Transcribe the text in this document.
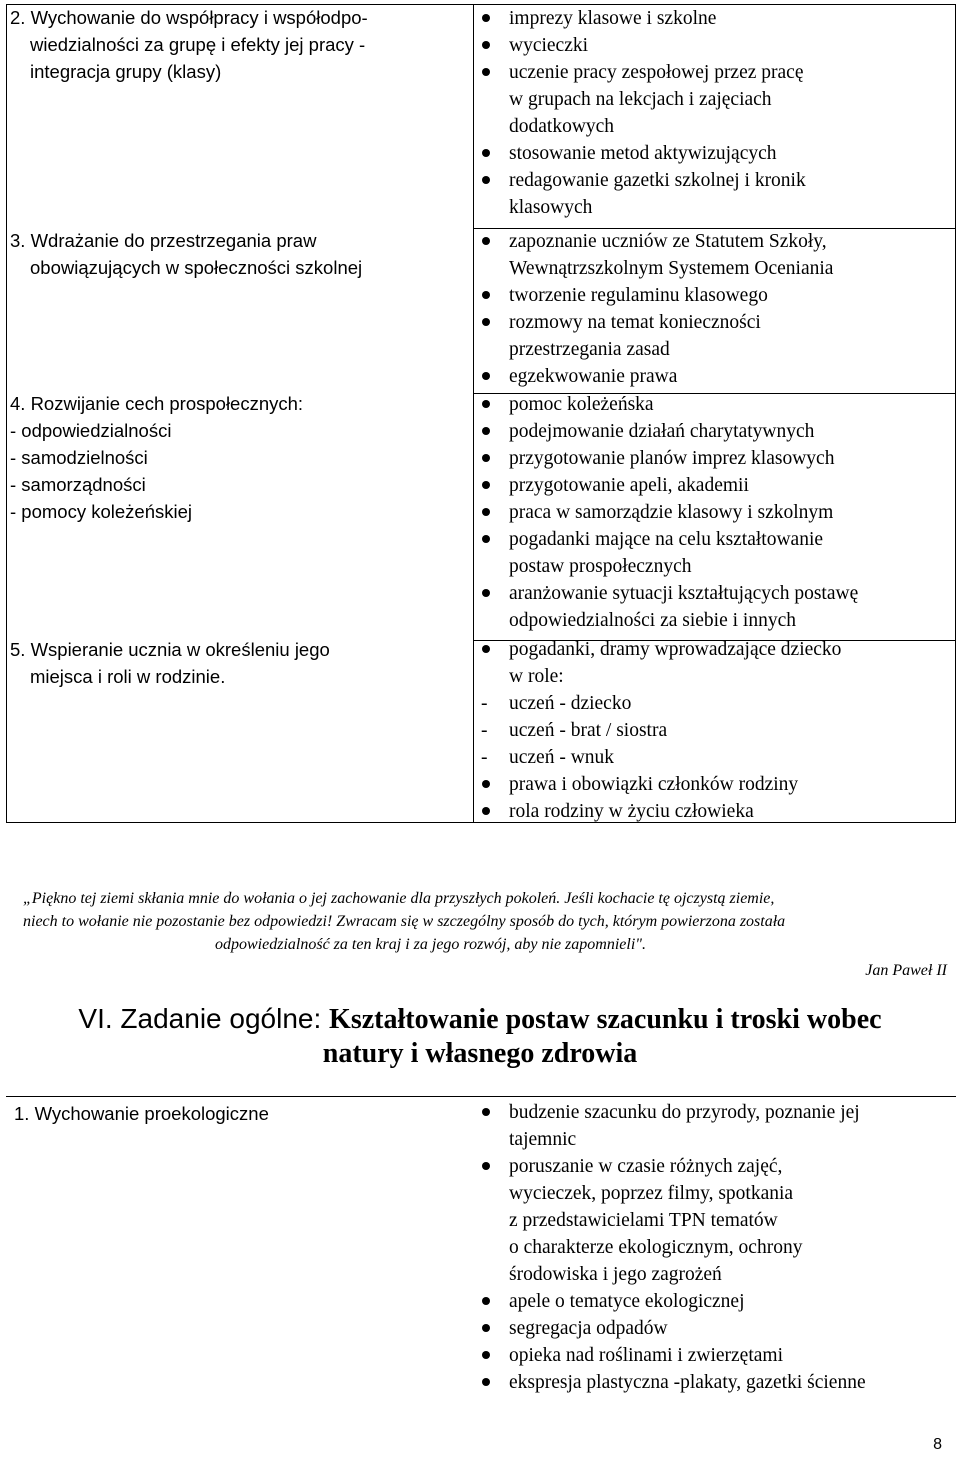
2. Wychowanie do współpracy i współodpo-
wiedzialności za grupę i efekty jej pracy -
integracja grupy (klasy)
3. Wdrażanie do przestrzegania praw
obowiązujących w społeczności szkolnej
4. Rozwijanie cech prospołecznych:
- odpowiedzialności
- samodzielności
- samorządności
- pomocy koleżeńskiej
5. Wspieranie ucznia w określeniu jego
miejsca i roli w rodzinie.
imprezy klasowe i szkolne
wycieczki
uczenie pracy zespołowej przez pracę
w grupach na lekcjach i zajęciach
dodatkowych
stosowanie metod aktywizujących
redagowanie gazetki szkolnej i kronik
klasowych
zapoznanie uczniów ze Statutem Szkoły,
Wewnątrzszkolnym Systemem Oceniania
tworzenie regulaminu klasowego
rozmowy na temat konieczności
przestrzegania zasad
egzekwowanie prawa
pomoc koleżeńska
podejmowanie działań charytatywnych
przygotowanie planów imprez klasowych
przygotowanie apeli, akademii
praca w samorządzie klasowy i szkolnym
pogadanki mające na celu kształtowanie
postaw prospołecznych
aranżowanie sytuacji kształtujących postawę
odpowiedzialności za siebie i innych
pogadanki, dramy wprowadzające dziecko
w role:
- uczeń - dziecko
- uczeń - brat / siostra
- uczeń - wnuk
prawa i obowiązki członków rodziny
rola rodziny w życiu człowieka
„Piękno tej ziemi skłania mnie do wołania o jej zachowanie dla przyszłych pokoleń. Jeśli kochacie tę ojczystą ziemie,
niech to wołanie nie pozostanie bez odpowiedzi! Zwracam się w szczególny sposób do tych, którym powierzona została
odpowiedzialność za ten kraj i za jego rozwój, aby nie zapomnieli".
Jan Paweł II
VI. Zadanie ogólne: Kształtowanie postaw szacunku i troski wobec
natury i własnego zdrowia
1. Wychowanie proekologiczne	budzenie szacunku do przyrody, poznanie jej
tajemnic
poruszanie w czasie różnych zajęć,
wycieczek, poprzez filmy, spotkania
z przedstawicielami TPN tematów
o charakterze ekologicznym, ochrony
środowiska i jego zagrożeń
apele o tematyce ekologicznej
segregacja odpadów
opieka nad roślinami i zwierzętami
ekspresja plastyczna -plakaty, gazetki ścienne
8
